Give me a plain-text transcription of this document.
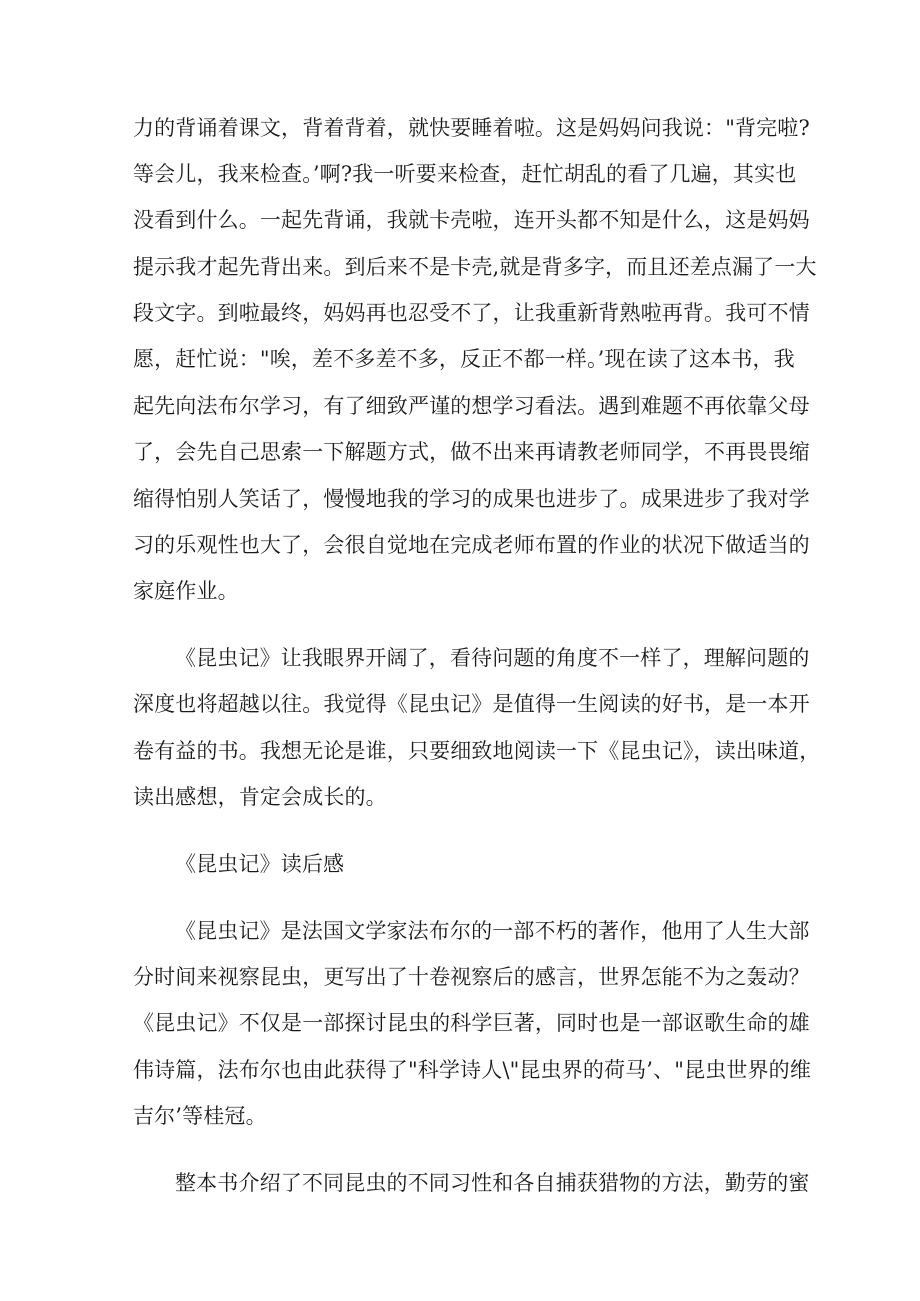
力的背诵着课文，背着背着，就快要睡着啦。这是妈妈问我说："背完啦?
等会儿，我来检查。’啊?我一听要来检查，赶忙胡乱的看了几遍，其实也
没看到什么。一起先背诵，我就卡壳啦，连开头都不知是什么，这是妈妈
提示我才起先背出来。到后来不是卡壳,就是背多字，而且还差点漏了一大
段文字。到啦最终，妈妈再也忍受不了，让我重新背熟啦再背。我可不情
愿，赶忙说："唉，差不多差不多，反正不都一样。’现在读了这本书，我
起先向法布尔学习，有了细致严谨的想学习看法。遇到难题不再依靠父母
了，会先自己思索一下解题方式，做不出来再请教老师同学，不再畏畏缩
缩得怕别人笑话了，慢慢地我的学习的成果也进步了。成果进步了我对学
习的乐观性也大了，会很自觉地在完成老师布置的作业的状况下做适当的
家庭作业。
《昆虫记》让我眼界开阔了，看待问题的角度不一样了，理解问题的
深度也将超越以往。我觉得《昆虫记》是值得一生阅读的好书，是一本开
卷有益的书。我想无论是谁，只要细致地阅读一下《昆虫记》，读出味道，
读出感想，肯定会成长的。
《昆虫记》读后感
《昆虫记》是法国文学家法布尔的一部不朽的著作，他用了人生大部
分时间来视察昆虫，更写出了十卷视察后的感言，世界怎能不为之轰动？
《昆虫记》不仅是一部探讨昆虫的科学巨著，同时也是一部讴歌生命的雄
伟诗篇，法布尔也由此获得了"科学诗人\"昆虫界的荷马’、"昆虫世界的维
吉尔’等桂冠。
整本书介绍了不同昆虫的不同习性和各自捕获猎物的方法，勤劳的蜜
